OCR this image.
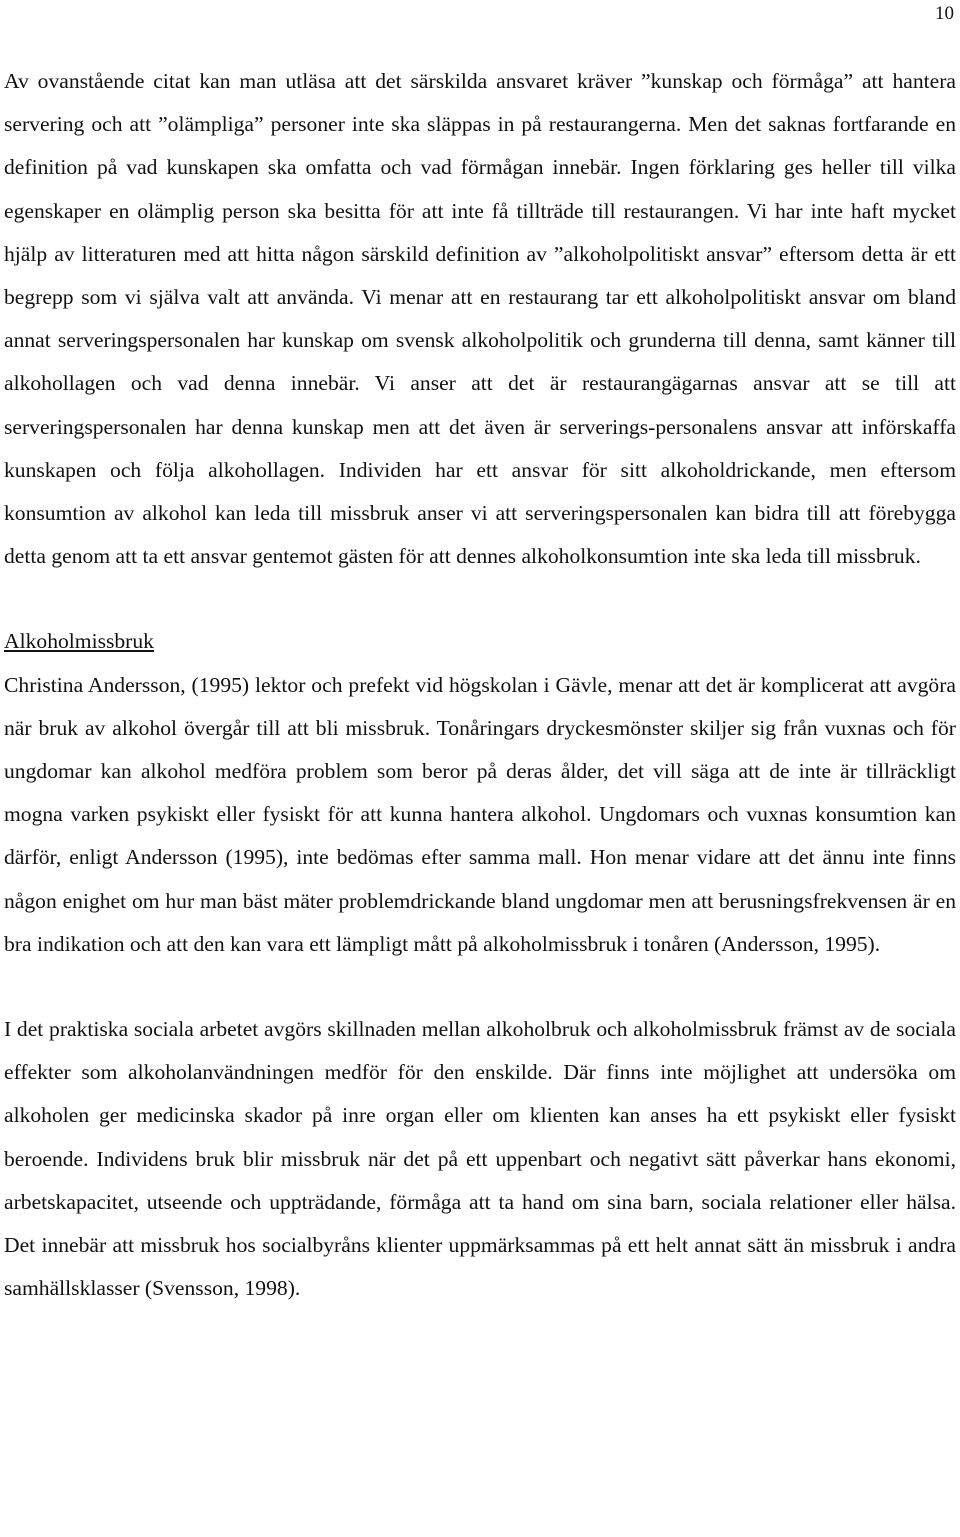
10

Av ovanstående citat kan man utläsa att det särskilda ansvaret kräver ”kunskap och förmåga” att hantera servering och att ”olämpliga” personer inte ska släppas in på restaurangerna. Men det saknas fortfarande en definition på vad kunskapen ska omfatta och vad förmågan innebär. Ingen förklaring ges heller till vilka egenskaper en olämplig person ska besitta för att inte få tillträde till restaurangen. Vi har inte haft mycket hjälp av litteraturen med att hitta någon särskild definition av ”alkoholpolitiskt ansvar” eftersom detta är ett begrepp som vi själva valt att använda. Vi menar att en restaurang tar ett alkoholpolitiskt ansvar om bland annat serveringspersonalen har kunskap om svensk alkoholpolitik och grunderna till denna, samt känner till alkohollagen och vad denna innebär. Vi anser att det är restaurangägarnas ansvar att se till att serveringspersonalen har denna kunskap men att det även är serverings-personalens ansvar att införskaffa kunskapen och följa alkohollagen. Individen har ett ansvar för sitt alkoholdrickande, men eftersom konsumtion av alkohol kan leda till missbruk anser vi att serveringspersonalen kan bidra till att förebygga detta genom att ta ett ansvar gentemot gästen för att dennes alkoholkonsumtion inte ska leda till missbruk.

Alkoholmissbruk

Christina Andersson, (1995) lektor och prefekt vid högskolan i Gävle, menar att det är komplicerat att avgöra när bruk av alkohol övergår till att bli missbruk. Tonåringars dryckesmönster skiljer sig från vuxnas och för ungdomar kan alkohol medföra problem som beror på deras ålder, det vill säga att de inte är tillräckligt mogna varken psykiskt eller fysiskt för att kunna hantera alkohol. Ungdomars och vuxnas konsumtion kan därför, enligt Andersson (1995), inte bedömas efter samma mall. Hon menar vidare att det ännu inte finns någon enighet om hur man bäst mäter problemdrickande bland ungdomar men att berusningsfrekvensen är en bra indikation och att den kan vara ett lämpligt mått på alkoholmissbruk i tonåren (Andersson, 1995).

I det praktiska sociala arbetet avgörs skillnaden mellan alkoholbruk och alkoholmissbruk främst av de sociala effekter som alkoholanvändningen medför för den enskilde. Där finns inte möjlighet att undersöka om alkoholen ger medicinska skador på inre organ eller om klienten kan anses ha ett psykiskt eller fysiskt beroende. Individens bruk blir missbruk när det på ett uppenbart och negativt sätt påverkar hans ekonomi, arbetskapacitet, utseende och uppträdande, förmåga att ta hand om sina barn, sociala relationer eller hälsa. Det innebär att missbruk hos socialbyråns klienter uppmärksammas på ett helt annat sätt än missbruk i andra samhällsklasser (Svensson, 1998).
